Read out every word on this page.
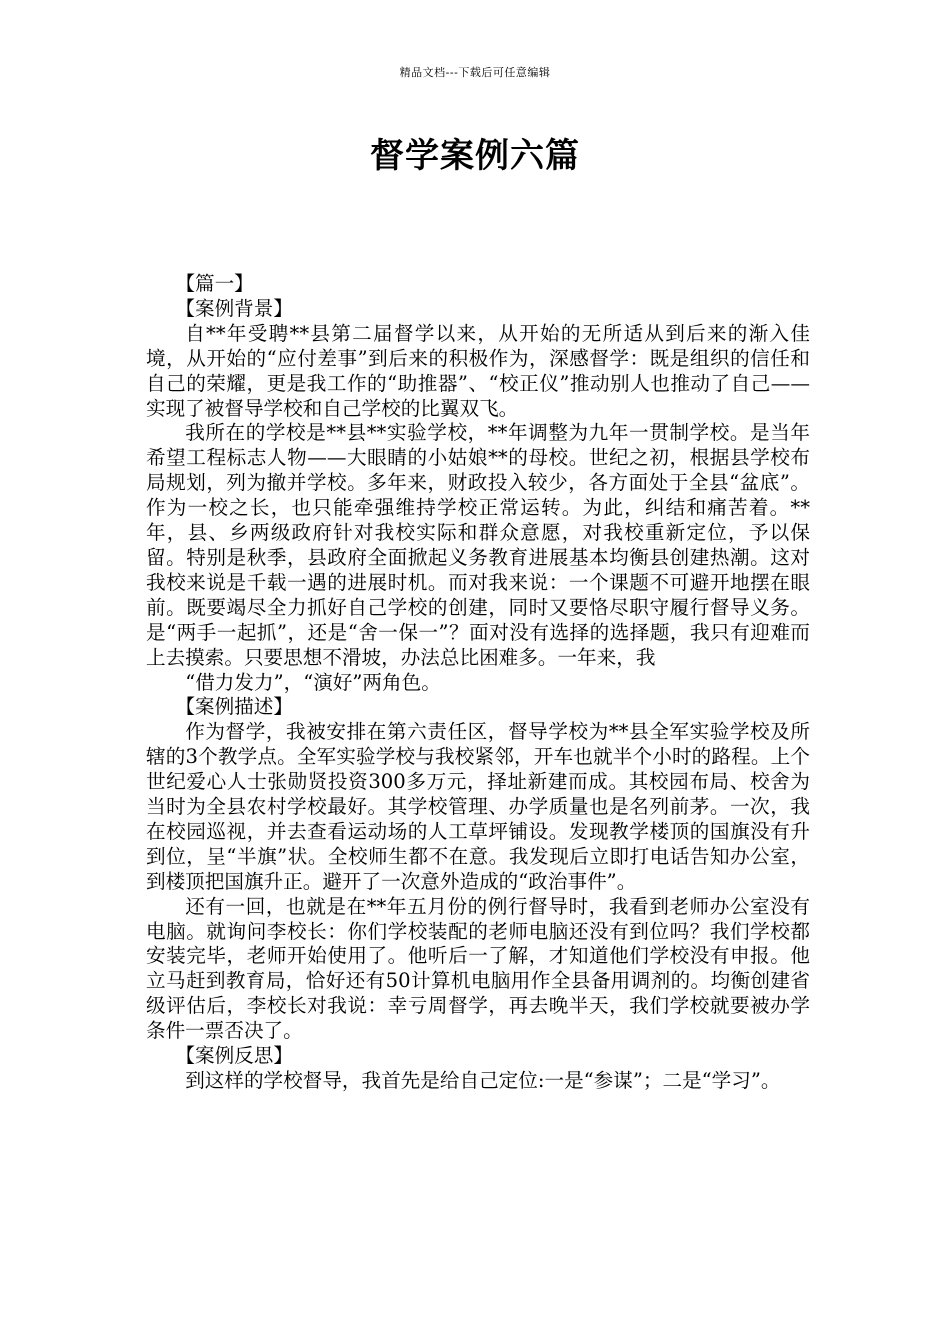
精品文档---下载后可任意编辑
督学案例六篇

【篇一】

【案例背景】

自**年受聘**县第二届督学以来，从开始的无所适从到后来的渐入佳境，从开始的“应付差事”到后来的积极作为，深感督学：既是组织的信任和自己的荣耀，更是我工作的“助推器”、“校正仪”推动别人也推动了自己——实现了被督导学校和自己学校的比翼双飞。

我所在的学校是**县**实验学校，**年调整为九年一贯制学校。是当年希望工程标志人物——大眼睛的小姑娘**的母校。世纪之初，根据县学校布局规划，列为撤并学校。多年来，财政投入较少，各方面处于全县“盆底”。作为一校之长，也只能牵强维持学校正常运转。为此，纠结和痛苦着。**年，县、乡两级政府针对我校实际和群众意愿，对我校重新定位，予以保留。特别是秋季，县政府全面掀起义务教育进展基本均衡县创建热潮。这对我校来说是千载一遇的进展时机。而对我来说：一个课题不可避开地摆在眼前。既要竭尽全力抓好自己学校的创建，同时又要恪尽职守履行督导义务。是“两手一起抓”，还是“舍一保一”？面对没有选择的选择题，我只有迎难而上去摸索。只要思想不滑坡，办法总比困难多。一年来，我

“借力发力”，“演好”两角色。

【案例描述】

作为督学，我被安排在第六责任区，督导学校为**县全军实验学校及所辖的3个教学点。全军实验学校与我校紧邻，开车也就半个小时的路程。上个世纪爱心人士张勋贤投资300多万元，择址新建而成。其校园布局、校舍为当时为全县农村学校最好。其学校管理、办学质量也是名列前茅。一次，我在校园巡视，并去查看运动场的人工草坪铺设。发现教学楼顶的国旗没有升到位，呈“半旗”状。全校师生都不在意。我发现后立即打电话告知办公室，到楼顶把国旗升正。避开了一次意外造成的“政治事件”。

还有一回，也就是在**年五月份的例行督导时，我看到老师办公室没有电脑。就询问李校长：你们学校装配的老师电脑还没有到位吗？我们学校都安装完毕，老师开始使用了。他听后一了解，才知道他们学校没有申报。他立马赶到教育局，恰好还有50计算机电脑用作全县备用调剂的。均衡创建省级评估后，李校长对我说：幸亏周督学，再去晚半天，我们学校就要被办学条件一票否决了。

【案例反思】

到这样的学校督导，我首先是给自己定位:一是“参谋”；二是“学习”。
